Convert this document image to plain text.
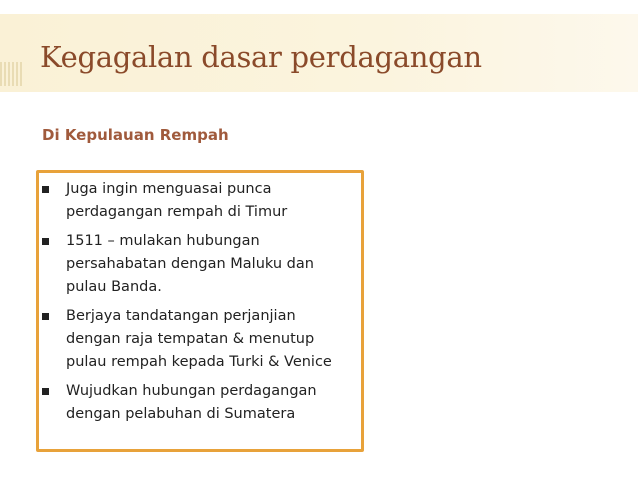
Kegagalan dasar perdagangan
Di Kepulauan Rempah
Juga ingin menguasai punca
perdagangan rempah di Timur
1511 – mulakan hubungan
persahabatan dengan Maluku dan
pulau Banda.
Berjaya tandatangan perjanjian
dengan raja tempatan & menutup
pulau rempah kepada Turki & Venice
Wujudkan hubungan perdagangan
dengan pelabuhan di Sumatera
